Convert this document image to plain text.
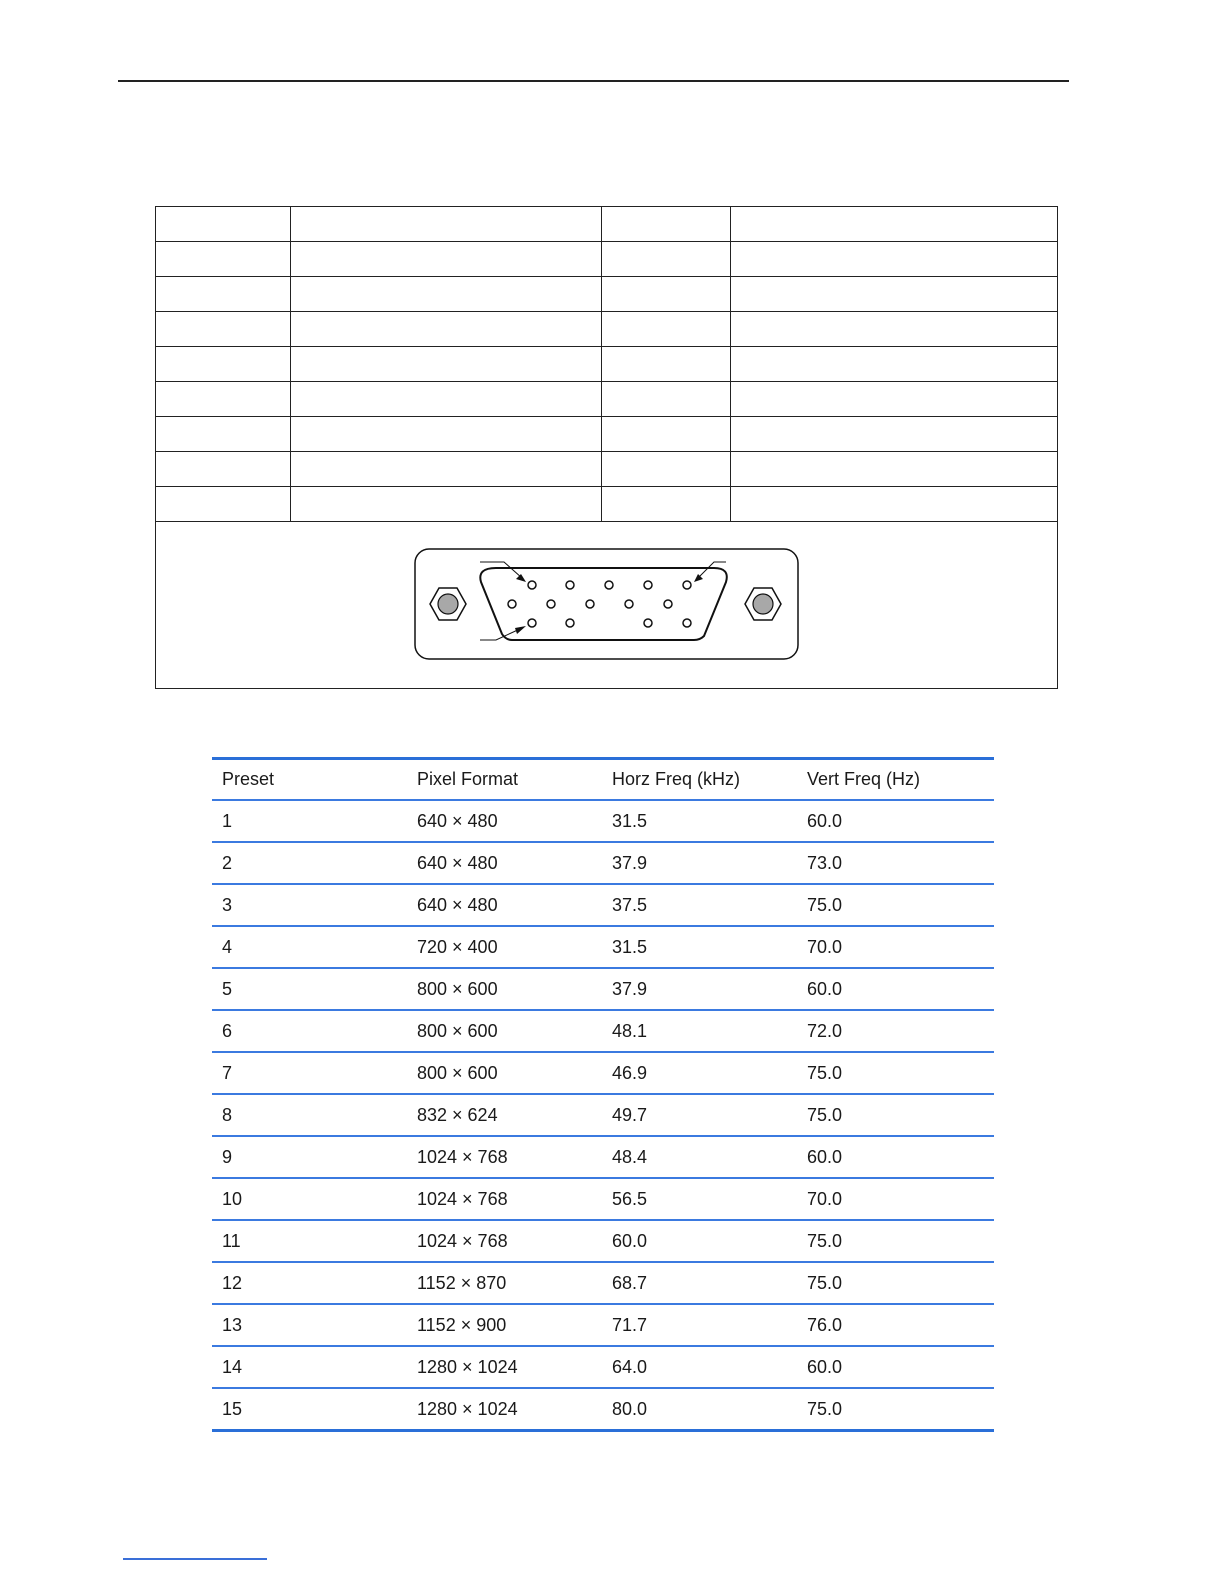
Preset	Pixel Format	Horz Freq (kHz)	Vert Freq (Hz)
1	640 × 480	31.5	60.0
2	640 × 480	37.9	73.0
3	640 × 480	37.5	75.0
4	720 × 400	31.5	70.0
5	800 × 600	37.9	60.0
6	800 × 600	48.1	72.0
7	800 × 600	46.9	75.0
8	832 × 624	49.7	75.0
9	1024 × 768	48.4	60.0
10	1024 × 768	56.5	70.0
11	1024 × 768	60.0	75.0
12	1152 × 870	68.7	75.0
13	1152 × 900	71.7	76.0
14	1280 × 1024	64.0	60.0
15	1280 × 1024	80.0	75.0
